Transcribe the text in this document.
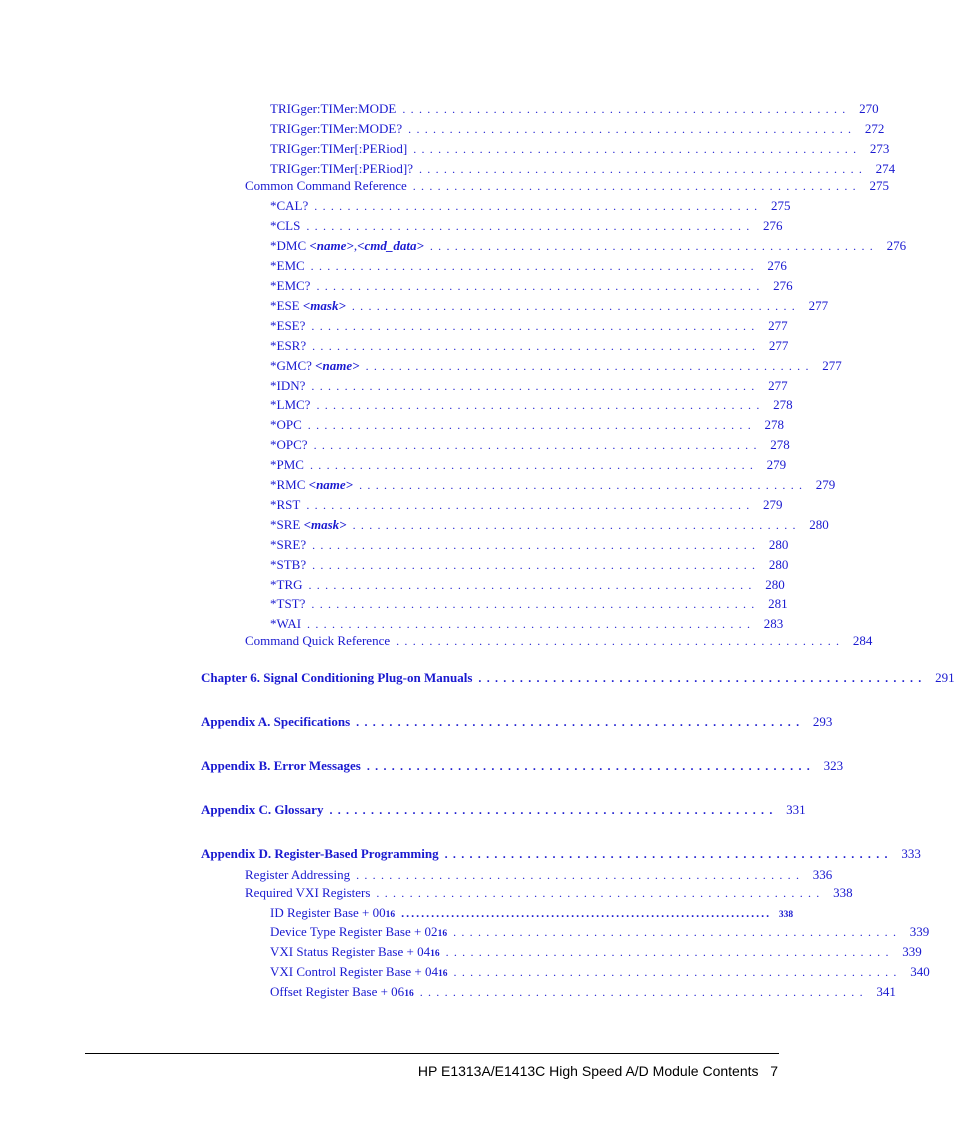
TRIGger:TIMer:MODE ...................................................... 270
TRIGger:TIMer:MODE? ...................................................... 272
TRIGger:TIMer[:PERiod] ...................................................... 273
TRIGger:TIMer[:PERiod]? ...................................................... 274
Common Command Reference ...................................................... 275
*CAL? ...................................................... 275
*CLS ...................................................... 276
*DMC <name>,<cmd_data> ...................................................... 276
*EMC ...................................................... 276
*EMC? ...................................................... 276
*ESE <mask> ...................................................... 277
*ESE? ...................................................... 277
*ESR? ...................................................... 277
*GMC? <name> ...................................................... 277
*IDN? ...................................................... 277
*LMC? ...................................................... 278
*OPC ...................................................... 278
*OPC? ...................................................... 278
*PMC ...................................................... 279
*RMC <name> ...................................................... 279
*RST ...................................................... 279
*SRE <mask> ...................................................... 280
*SRE? ...................................................... 280
*STB? ...................................................... 280
*TRG ...................................................... 280
*TST? ...................................................... 281
*WAI ...................................................... 283
Command Quick Reference ...................................................... 284
Chapter 6. Signal Conditioning Plug-on Manuals ...................................................... 291
Appendix A. Specifications ...................................................... 293
Appendix B. Error Messages ...................................................... 323
Appendix C. Glossary ...................................................... 331
Appendix D. Register-Based Programming ...................................................... 333
Register Addressing ...................................................... 336
Required VXI Registers ...................................................... 338
ID Register Base + 0016 .......................................................................... 338
Device Type Register Base + 0216 ...................................................... 339
VXI Status Register Base + 0416 ...................................................... 339
VXI Control Register Base + 0416 ...................................................... 340
Offset Register Base + 0616 ...................................................... 341
HP E1313A/E1413C High Speed A/D Module Contents 7
